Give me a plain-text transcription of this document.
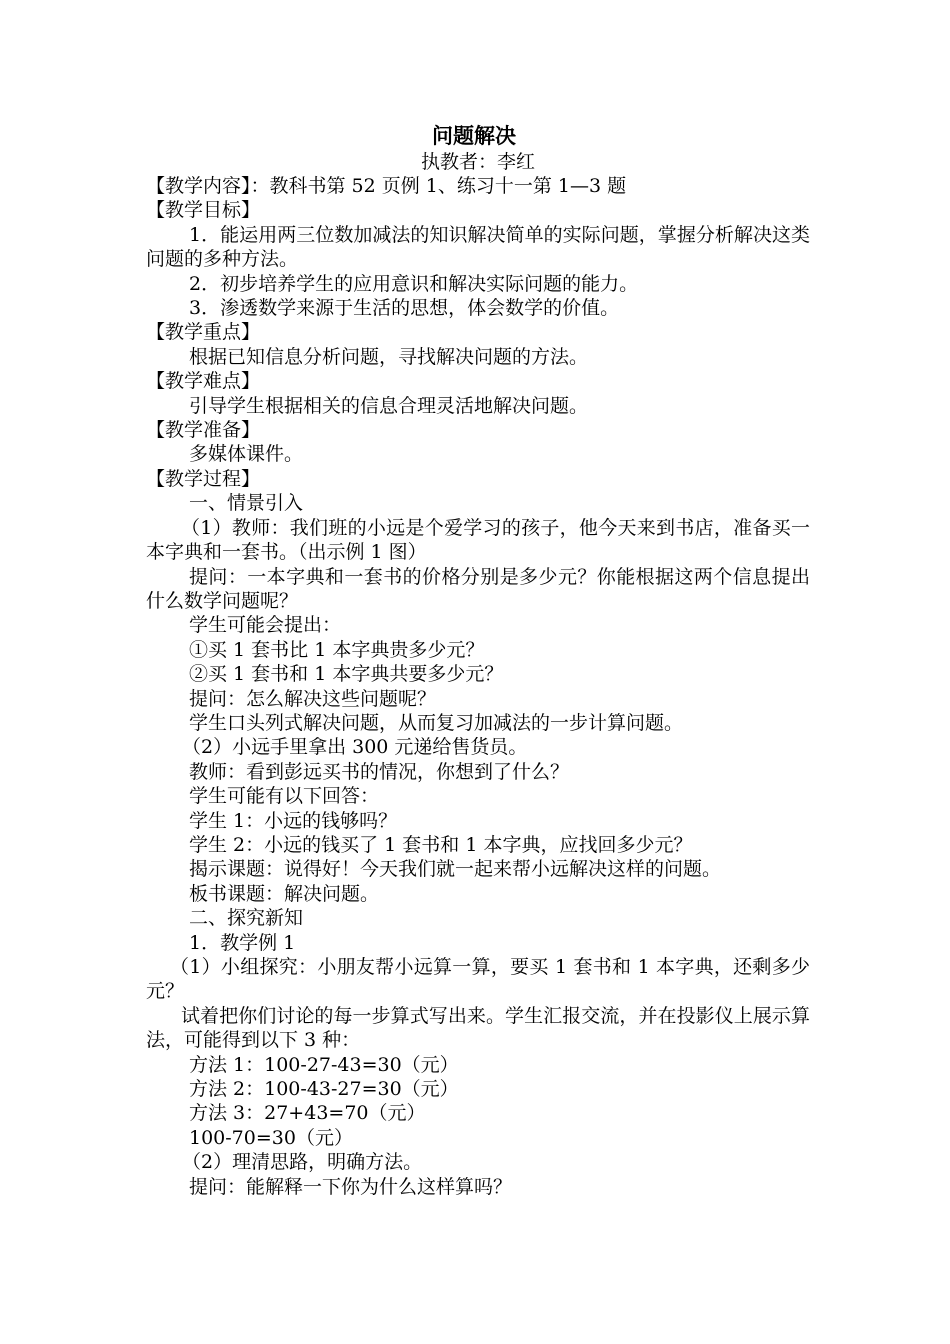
问题解决
执教者：李红
【教学内容】：教科书第 52 页例 1、练习十一第 1—3 题
【教学目标】
1．能运用两三位数加减法的知识解决简单的实际问题，掌握分析解决这类问题的多种方法。
2．初步培养学生的应用意识和解决实际问题的能力。
3．渗透数学来源于生活的思想，体会数学的价值。
【教学重点】
根据已知信息分析问题，寻找解决问题的方法。
【教学难点】
引导学生根据相关的信息合理灵活地解决问题。
【教学准备】
多媒体课件。
【教学过程】
一、情景引入
（1）教师：我们班的小远是个爱学习的孩子，他今天来到书店，准备买一本字典和一套书。（出示例 1 图）
提问：一本字典和一套书的价格分别是多少元？你能根据这两个信息提出什么数学问题呢？
学生可能会提出：
①买 1 套书比 1 本字典贵多少元？
②买 1 套书和 1 本字典共要多少元？
提问：怎么解决这些问题呢？
学生口头列式解决问题，从而复习加减法的一步计算问题。
（2）小远手里拿出 300 元递给售货员。
教师：看到彭远买书的情况，你想到了什么？
学生可能有以下回答：
学生 1：小远的钱够吗？
学生 2：小远的钱买了 1 套书和 1 本字典，应找回多少元？
揭示课题：说得好！今天我们就一起来帮小远解决这样的问题。
板书课题：解决问题。
二、探究新知
1．教学例 1
（1）小组探究：小朋友帮小远算一算，要买 1 套书和 1 本字典，还剩多少元？
试着把你们讨论的每一步算式写出来。学生汇报交流，并在投影仪上展示算法，可能得到以下 3 种：
方法 1：100-27-43=30（元）
方法 2：100-43-27=30（元）
方法 3：27+43=70（元）
100-70=30（元）
（2）理清思路，明确方法。
提问：能解释一下你为什么这样算吗？
